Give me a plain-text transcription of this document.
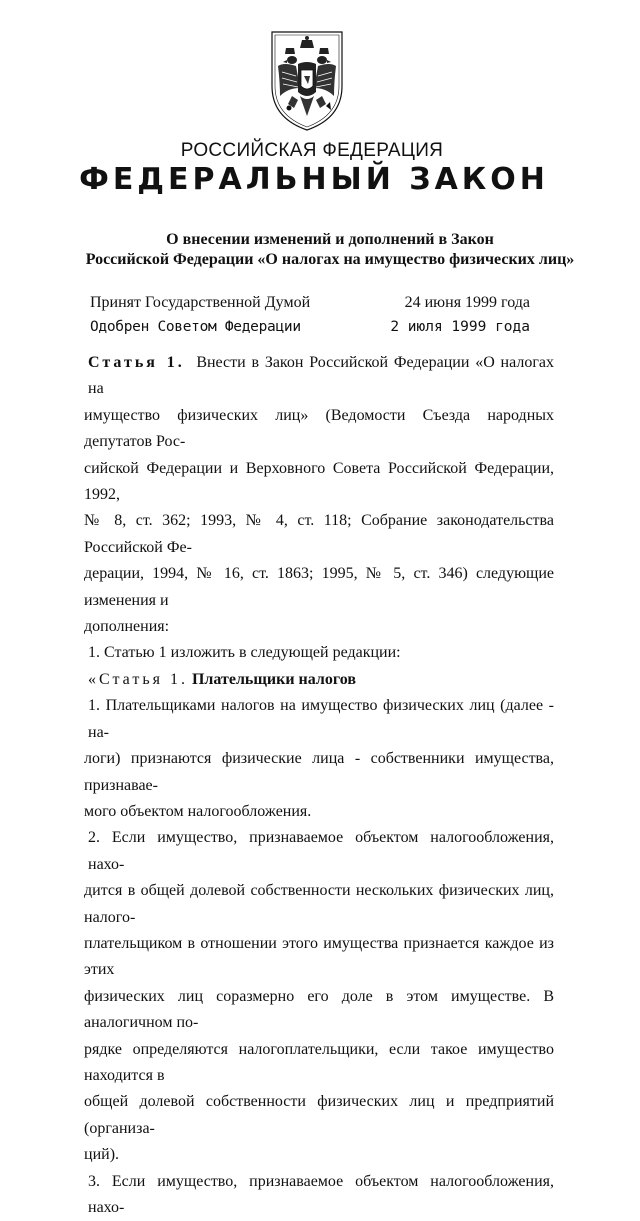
РОССИЙСКАЯ ФЕДЕРАЦИЯ
ФЕДЕРАЛЬНЫЙ ЗАКОН
О внесении изменений и дополнений в Закон
Российской Федерации «О налогах на имущество физических лиц»
Принят Государственной Думой	24 июня 1999 года
Одобрен Советом Федерации	2 июля 1999 года
Статья 1. Внести в Закон Российской Федерации «О налогах на
имущество физических лиц» (Ведомости Съезда народных депутатов Рос-
сийской Федерации и Верховного Совета Российской Федерации, 1992,
№ 8, ст. 362; 1993, № 4, ст. 118; Собрание законодательства Российской Фе-
дерации, 1994, № 16, ст. 1863; 1995, № 5, ст. 346) следующие изменения и
дополнения:
1. Статью 1 изложить в следующей редакции:
«Статья 1. Плательщики налогов
1. Плательщиками налогов на имущество физических лиц (далее - на-
логи) признаются физические лица - собственники имущества, признавае-
мого объектом налогообложения.
2. Если имущество, признаваемое объектом налогообложения, нахо-
дится в общей долевой собственности нескольких физических лиц, налого-
плательщиком в отношении этого имущества признается каждое из этих
физических лиц соразмерно его доле в этом имуществе. В аналогичном по-
рядке определяются налогоплательщики, если такое имущество находится в
общей долевой собственности физических лиц и предприятий (организа-
ций).
3. Если имущество, признаваемое объектом налогообложения, нахо-
